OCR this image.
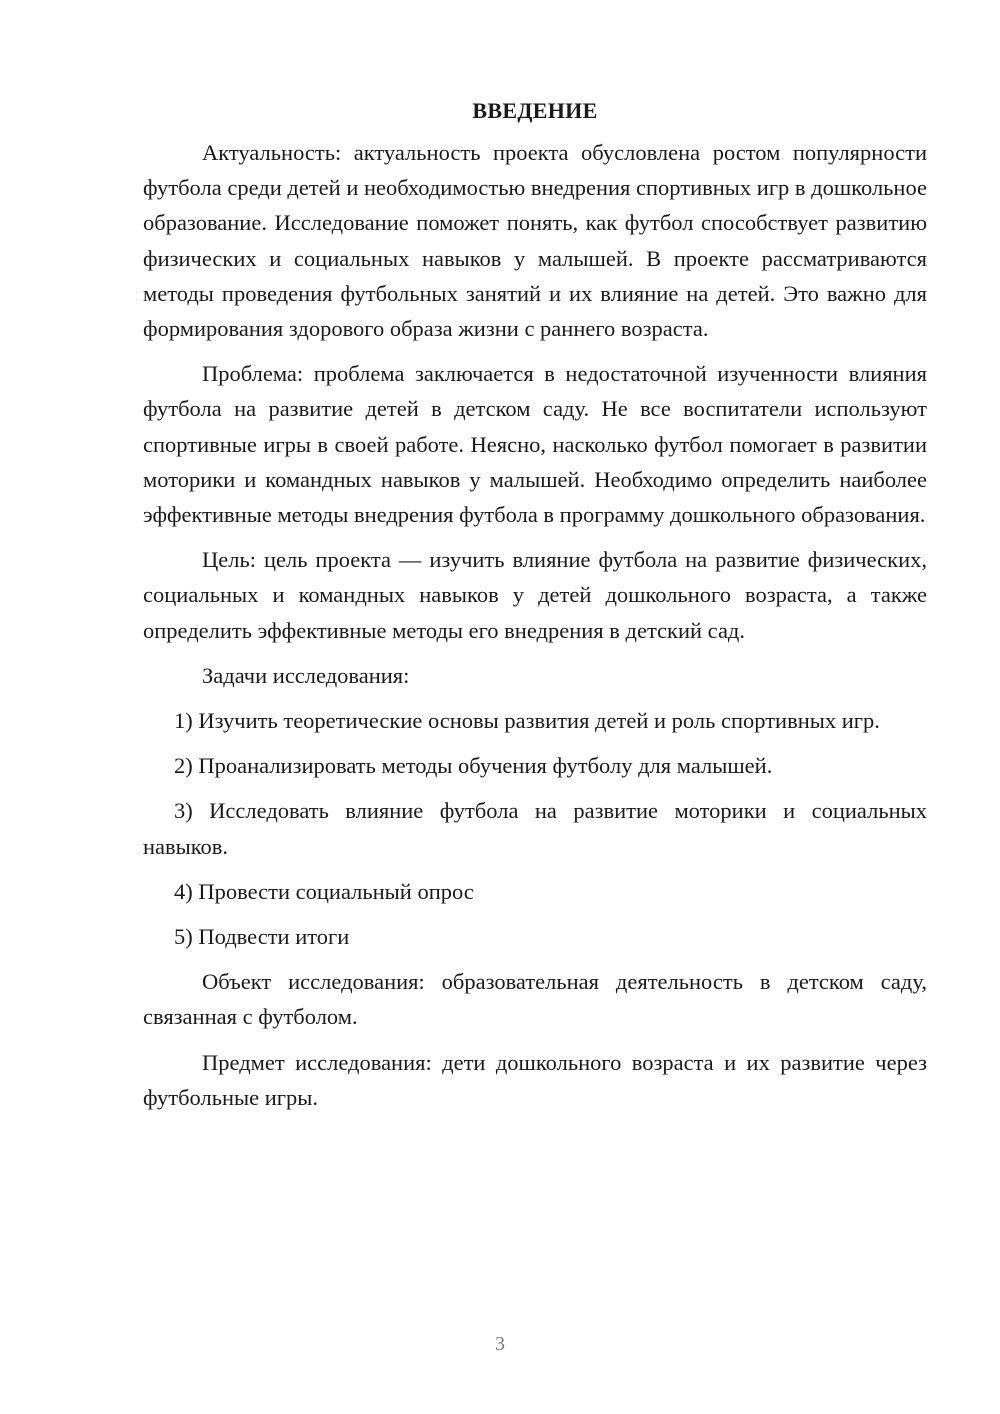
ВВЕДЕНИЕ

Актуальность: актуальность проекта обусловлена ростом популярности футбола среди детей и необходимостью внедрения спортивных игр в дошкольное образование. Исследование поможет понять, как футбол способствует развитию физических и социальных навыков у малышей. В проекте рассматриваются методы проведения футбольных занятий и их влияние на детей. Это важно для формирования здорового образа жизни с раннего возраста.

Проблема: проблема заключается в недостаточной изученности влияния футбола на развитие детей в детском саду. Не все воспитатели используют спортивные игры в своей работе. Неясно, насколько футбол помогает в развитии моторики и командных навыков у малышей. Необходимо определить наиболее эффективные методы внедрения футбола в программу дошкольного образования.

Цель: цель проекта — изучить влияние футбола на развитие физических, социальных и командных навыков у детей дошкольного возраста, а также определить эффективные методы его внедрения в детский сад.

Задачи исследования:

1) Изучить теоретические основы развития детей и роль спортивных игр.

2) Проанализировать методы обучения футболу для малышей.

3) Исследовать влияние футбола на развитие моторики и социальных навыков.

4) Провести социальный опрос

5) Подвести итоги

Объект исследования: образовательная деятельность в детском саду, связанная с футболом.

Предмет исследования: дети дошкольного возраста и их развитие через футбольные игры.

3
